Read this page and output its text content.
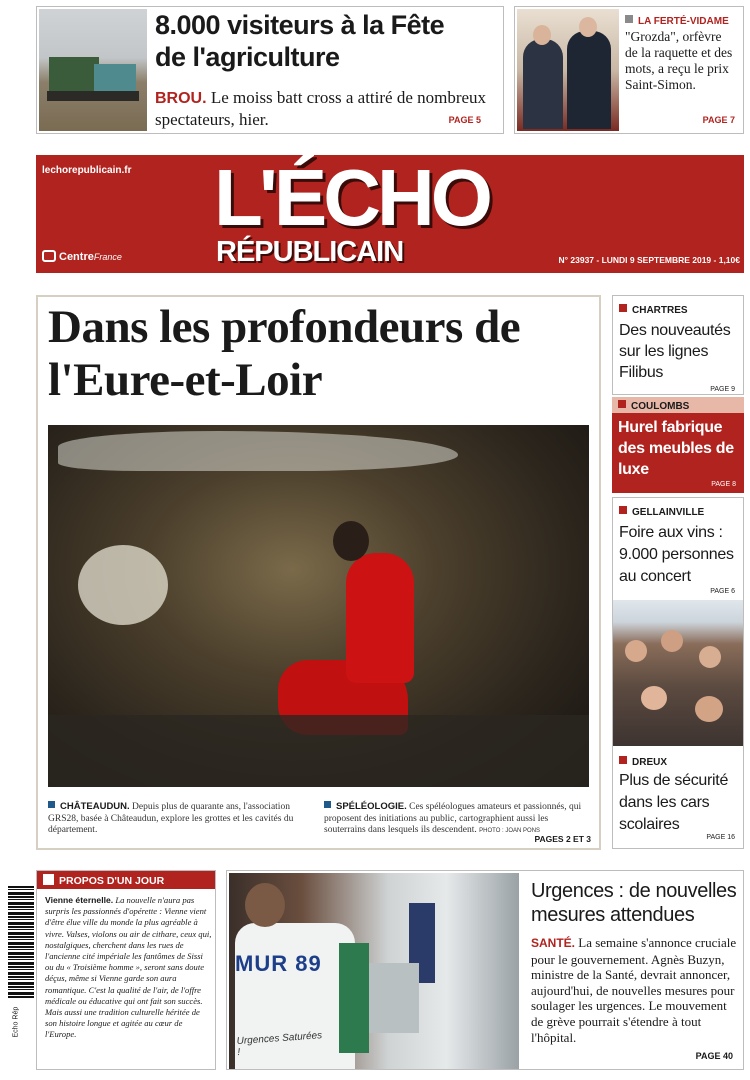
8.000 visiteurs à la Fête de l'agriculture
BROU. Le moiss batt cross a attiré de nombreux spectateurs, hier.	PAGE 5
LA FERTÉ-VIDAME
"Grozda", orfèvre de la raquette et des mots, a reçu le prix Saint-Simon.
PAGE 7
lechorepublicain.fr L'ÉCHO
RÉPUBLICAIN
CentreFrance	N° 23937 - LUNDI 9 SEPTEMBRE 2019 - 1,10€
Dans les profondeurs de l'Eure-et-Loir
CHÂTEAUDUN. Depuis plus de quarante ans, l'association GRS28, basée à Châteaudun, explore les grottes et les cavités du département.
SPÉLÉOLOGIE. Ces spéléologues amateurs et passionnés, qui proposent des initiations au public, cartographient aussi les souterrains dans lesquels ils descendent. PHOTO : JOAN PONS
PAGES 2 ET 3
CHARTRES
Des nouveautés sur les lignes Filibus
PAGE 9
COULOMBS
Hurel fabrique des meubles de luxe
PAGE 8
GELLAINVILLE
Foire aux vins : 9.000 personnes au concert
PAGE 6
DREUX
Plus de sécurité dans les cars scolaires
PAGE 16
Echo Rép
PROPOS D'UN JOUR
Vienne éternelle. La nouvelle n'aura pas surpris les passionnés d'opérette : Vienne vient d'être élue ville du monde la plus agréable à vivre. Valses, violons ou air de cithare, ceux qui, nostalgiques, cherchent dans les rues de l'ancienne cité impériale les fantômes de Sissi ou du « Troisième homme », seront sans doute déçus, même si Vienne garde son aura romantique. C'est la qualité de l'air, de l'offre médicale ou éducative qui ont fait son succès. Mais aussi une tradition culturelle héritée de son histoire longue et agitée au cœur de l'Europe.
MUR 89
Urgences Saturées !
Urgences : de nouvelles mesures attendues
SANTÉ. La semaine s'annonce cruciale pour le gouvernement. Agnès Buzyn, ministre de la Santé, devrait annoncer, aujourd'hui, de nouvelles mesures pour soulager les urgences. Le mouvement de grève pourrait s'étendre à tout l'hôpital.
PAGE 40
